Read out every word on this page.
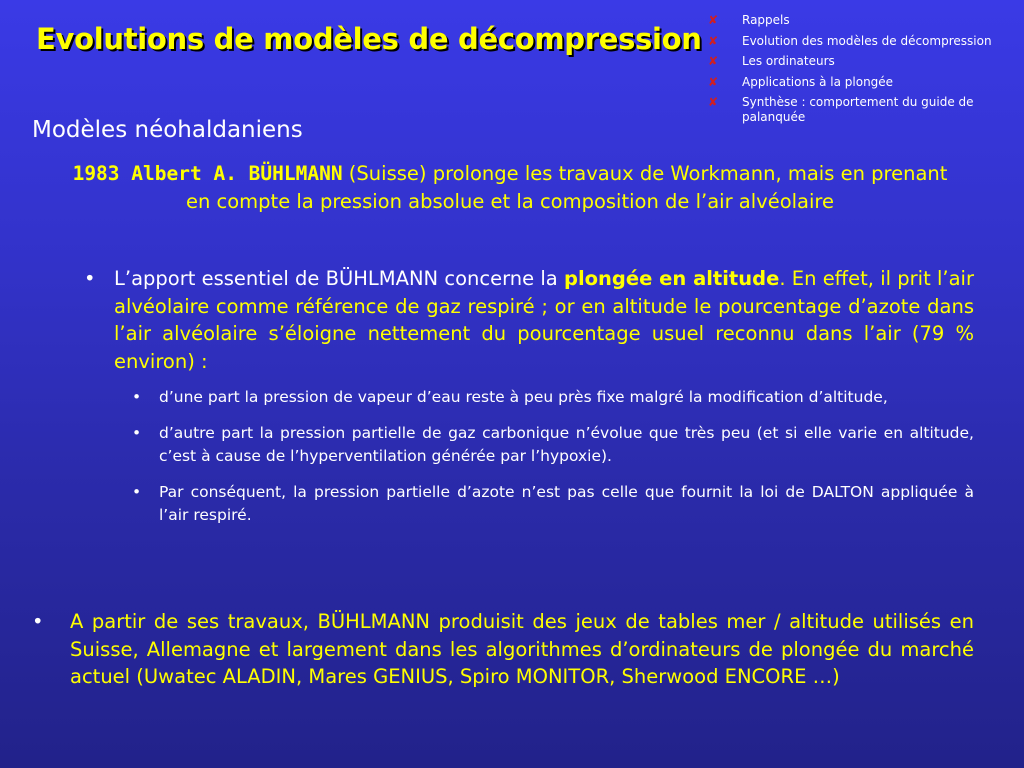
Evolutions de modèles de décompression
✘ Rappels
✘ Evolution des modèles de décompression
✘ Les ordinateurs
✘ Applications à la plongée
✘ Synthèse : comportement du guide de palanquée
Modèles néohaldaniens
1983 Albert A. BÜHLMANN (Suisse) prolonge les travaux de Workmann, mais en prenant en compte la pression absolue et la composition de l’air alvéolaire
• L’apport essentiel de BÜHLMANN concerne la plongée en altitude. En effet, il prit l’air alvéolaire comme référence de gaz respiré ; or en altitude le pourcentage d’azote dans l’air alvéolaire s’éloigne nettement du pourcentage usuel reconnu dans l’air (79 % environ) :
• d’une part la pression de vapeur d’eau reste à peu près fixe malgré la modification d’altitude,
• d’autre part la pression partielle de gaz carbonique n’évolue que très peu (et si elle varie en altitude, c’est à cause de l’hyperventilation générée par l’hypoxie).
• Par conséquent, la pression partielle d’azote n’est pas celle que fournit la loi de DALTON appliquée à l’air respiré.
• A partir de ses travaux, BÜHLMANN produisit des jeux de tables mer / altitude utilisés en Suisse, Allemagne et largement dans les algorithmes d’ordinateurs de plongée du marché actuel (Uwatec ALADIN, Mares GENIUS, Spiro MONITOR, Sherwood ENCORE …)
